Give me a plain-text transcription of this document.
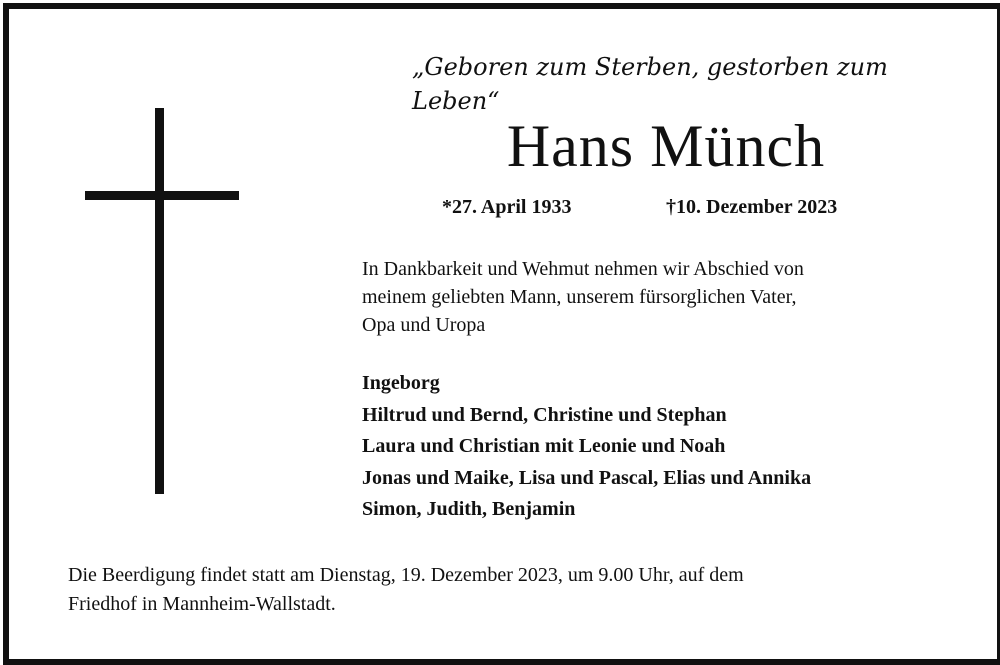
„Geboren zum Sterben, gestorben zum Leben“
Hans Münch
*27. April 1933	†10. Dezember 2023
In Dankbarkeit und Wehmut nehmen wir Abschied von
meinem geliebten Mann, unserem fürsorglichen Vater,
Opa und Uropa
Ingeborg
Hiltrud und Bernd, Christine und Stephan
Laura und Christian mit Leonie und Noah
Jonas und Maike, Lisa und Pascal, Elias und Annika
Simon, Judith, Benjamin
Die Beerdigung findet statt am Dienstag, 19. Dezember 2023, um 9.00 Uhr, auf dem
Friedhof in Mannheim-Wallstadt.
